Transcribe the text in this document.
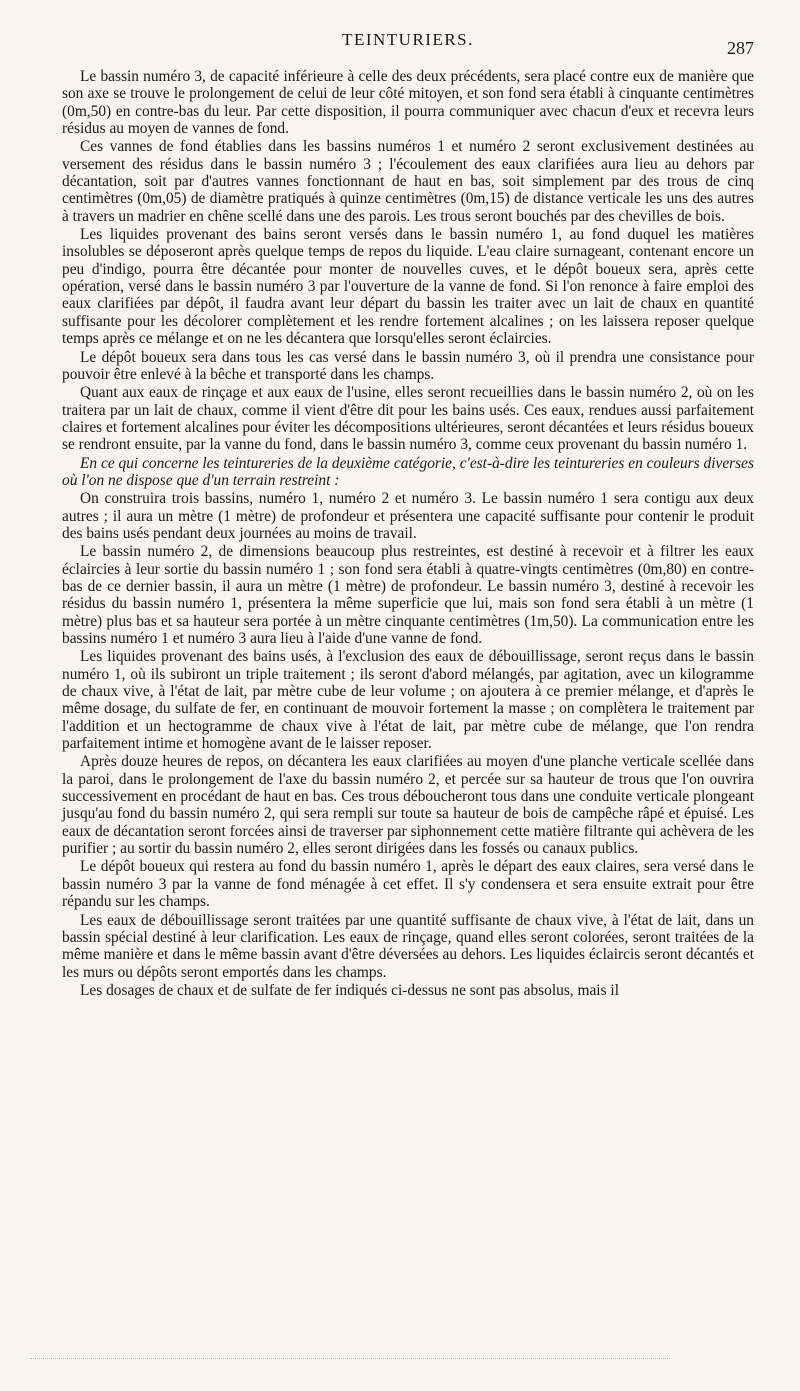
TEINTURIERS.	287

Le bassin numéro 3, de capacité inférieure à celle des deux précédents, sera placé contre eux de manière que son axe se trouve le prolongement de celui de leur côté mitoyen, et son fond sera établi à cinquante centimètres (0m,50) en contre-bas du leur. Par cette disposition, il pourra communiquer avec chacun d'eux et recevra leurs résidus au moyen de vannes de fond.

Ces vannes de fond établies dans les bassins numéros 1 et numéro 2 seront exclusivement destinées au versement des résidus dans le bassin numéro 3 ; l'écoulement des eaux clarifiées aura lieu au dehors par décantation, soit par d'autres vannes fonctionnant de haut en bas, soit simplement par des trous de cinq centimètres (0m,05) de diamètre pratiqués à quinze centimètres (0m,15) de distance verticale les uns des autres à travers un madrier en chêne scellé dans une des parois. Les trous seront bouchés par des chevilles de bois.

Les liquides provenant des bains seront versés dans le bassin numéro 1, au fond duquel les matières insolubles se déposeront après quelque temps de repos du liquide. L'eau claire surnageant, contenant encore un peu d'indigo, pourra être décantée pour monter de nouvelles cuves, et le dépôt boueux sera, après cette opération, versé dans le bassin numéro 3 par l'ouverture de la vanne de fond. Si l'on renonce à faire emploi des eaux clarifiées par dépôt, il faudra avant leur départ du bassin les traiter avec un lait de chaux en quantité suffisante pour les décolorer complètement et les rendre fortement alcalines ; on les laissera reposer quelque temps après ce mélange et on ne les décantera que lorsqu'elles seront éclaircies.

Le dépôt boueux sera dans tous les cas versé dans le bassin numéro 3, où il prendra une consistance pour pouvoir être enlevé à la bêche et transporté dans les champs.

Quant aux eaux de rinçage et aux eaux de l'usine, elles seront recueillies dans le bassin numéro 2, où on les traitera par un lait de chaux, comme il vient d'être dit pour les bains usés. Ces eaux, rendues aussi parfaitement claires et fortement alcalines pour éviter les décompositions ultérieures, seront décantées et leurs résidus boueux se rendront ensuite, par la vanne du fond, dans le bassin numéro 3, comme ceux provenant du bassin numéro 1.

En ce qui concerne les teintureries de la deuxième catégorie, c'est-à-dire les teintureries en couleurs diverses où l'on ne dispose que d'un terrain restreint :

On construira trois bassins, numéro 1, numéro 2 et numéro 3. Le bassin numéro 1 sera contigu aux deux autres ; il aura un mètre (1 mètre) de profondeur et présentera une capacité suffisante pour contenir le produit des bains usés pendant deux journées au moins de travail.

Le bassin numéro 2, de dimensions beaucoup plus restreintes, est destiné à recevoir et à filtrer les eaux éclaircies à leur sortie du bassin numéro 1 ; son fond sera établi à quatre-vingts centimètres (0m,80) en contre-bas de ce dernier bassin, il aura un mètre (1 mètre) de profondeur. Le bassin numéro 3, destiné à recevoir les résidus du bassin numéro 1, présentera la même superficie que lui, mais son fond sera établi à un mètre (1 mètre) plus bas et sa hauteur sera portée à un mètre cinquante centimètres (1m,50). La communication entre les bassins numéro 1 et numéro 3 aura lieu à l'aide d'une vanne de fond.

Les liquides provenant des bains usés, à l'exclusion des eaux de débouillissage, seront reçus dans le bassin numéro 1, où ils subiront un triple traitement ; ils seront d'abord mélangés, par agitation, avec un kilogramme de chaux vive, à l'état de lait, par mètre cube de leur volume ; on ajoutera à ce premier mélange, et d'après le même dosage, du sulfate de fer, en continuant de mouvoir fortement la masse ; on complètera le traitement par l'addition et un hectogramme de chaux vive à l'état de lait, par mètre cube de mélange, que l'on rendra parfaitement intime et homogène avant de le laisser reposer.

Après douze heures de repos, on décantera les eaux clarifiées au moyen d'une planche verticale scellée dans la paroi, dans le prolongement de l'axe du bassin numéro 2, et percée sur sa hauteur de trous que l'on ouvrira successivement en procédant de haut en bas. Ces trous déboucheront tous dans une conduite verticale plongeant jusqu'au fond du bassin numéro 2, qui sera rempli sur toute sa hauteur de bois de campêche râpé et épuisé. Les eaux de décantation seront forcées ainsi de traverser par siphonnement cette matière filtrante qui achèvera de les purifier ; au sortir du bassin numéro 2, elles seront dirigées dans les fossés ou canaux publics.

Le dépôt boueux qui restera au fond du bassin numéro 1, après le départ des eaux claires, sera versé dans le bassin numéro 3 par la vanne de fond ménagée à cet effet. Il s'y condensera et sera ensuite extrait pour être répandu sur les champs.

Les eaux de débouillissage seront traitées par une quantité suffisante de chaux vive, à l'état de lait, dans un bassin spécial destiné à leur clarification. Les eaux de rinçage, quand elles seront colorées, seront traitées de la même manière et dans le même bassin avant d'être déversées au dehors. Les liquides éclaircis seront décantés et les murs ou dépôts seront emportés dans les champs.

Les dosages de chaux et de sulfate de fer indiqués ci-dessus ne sont pas absolus, mais il
